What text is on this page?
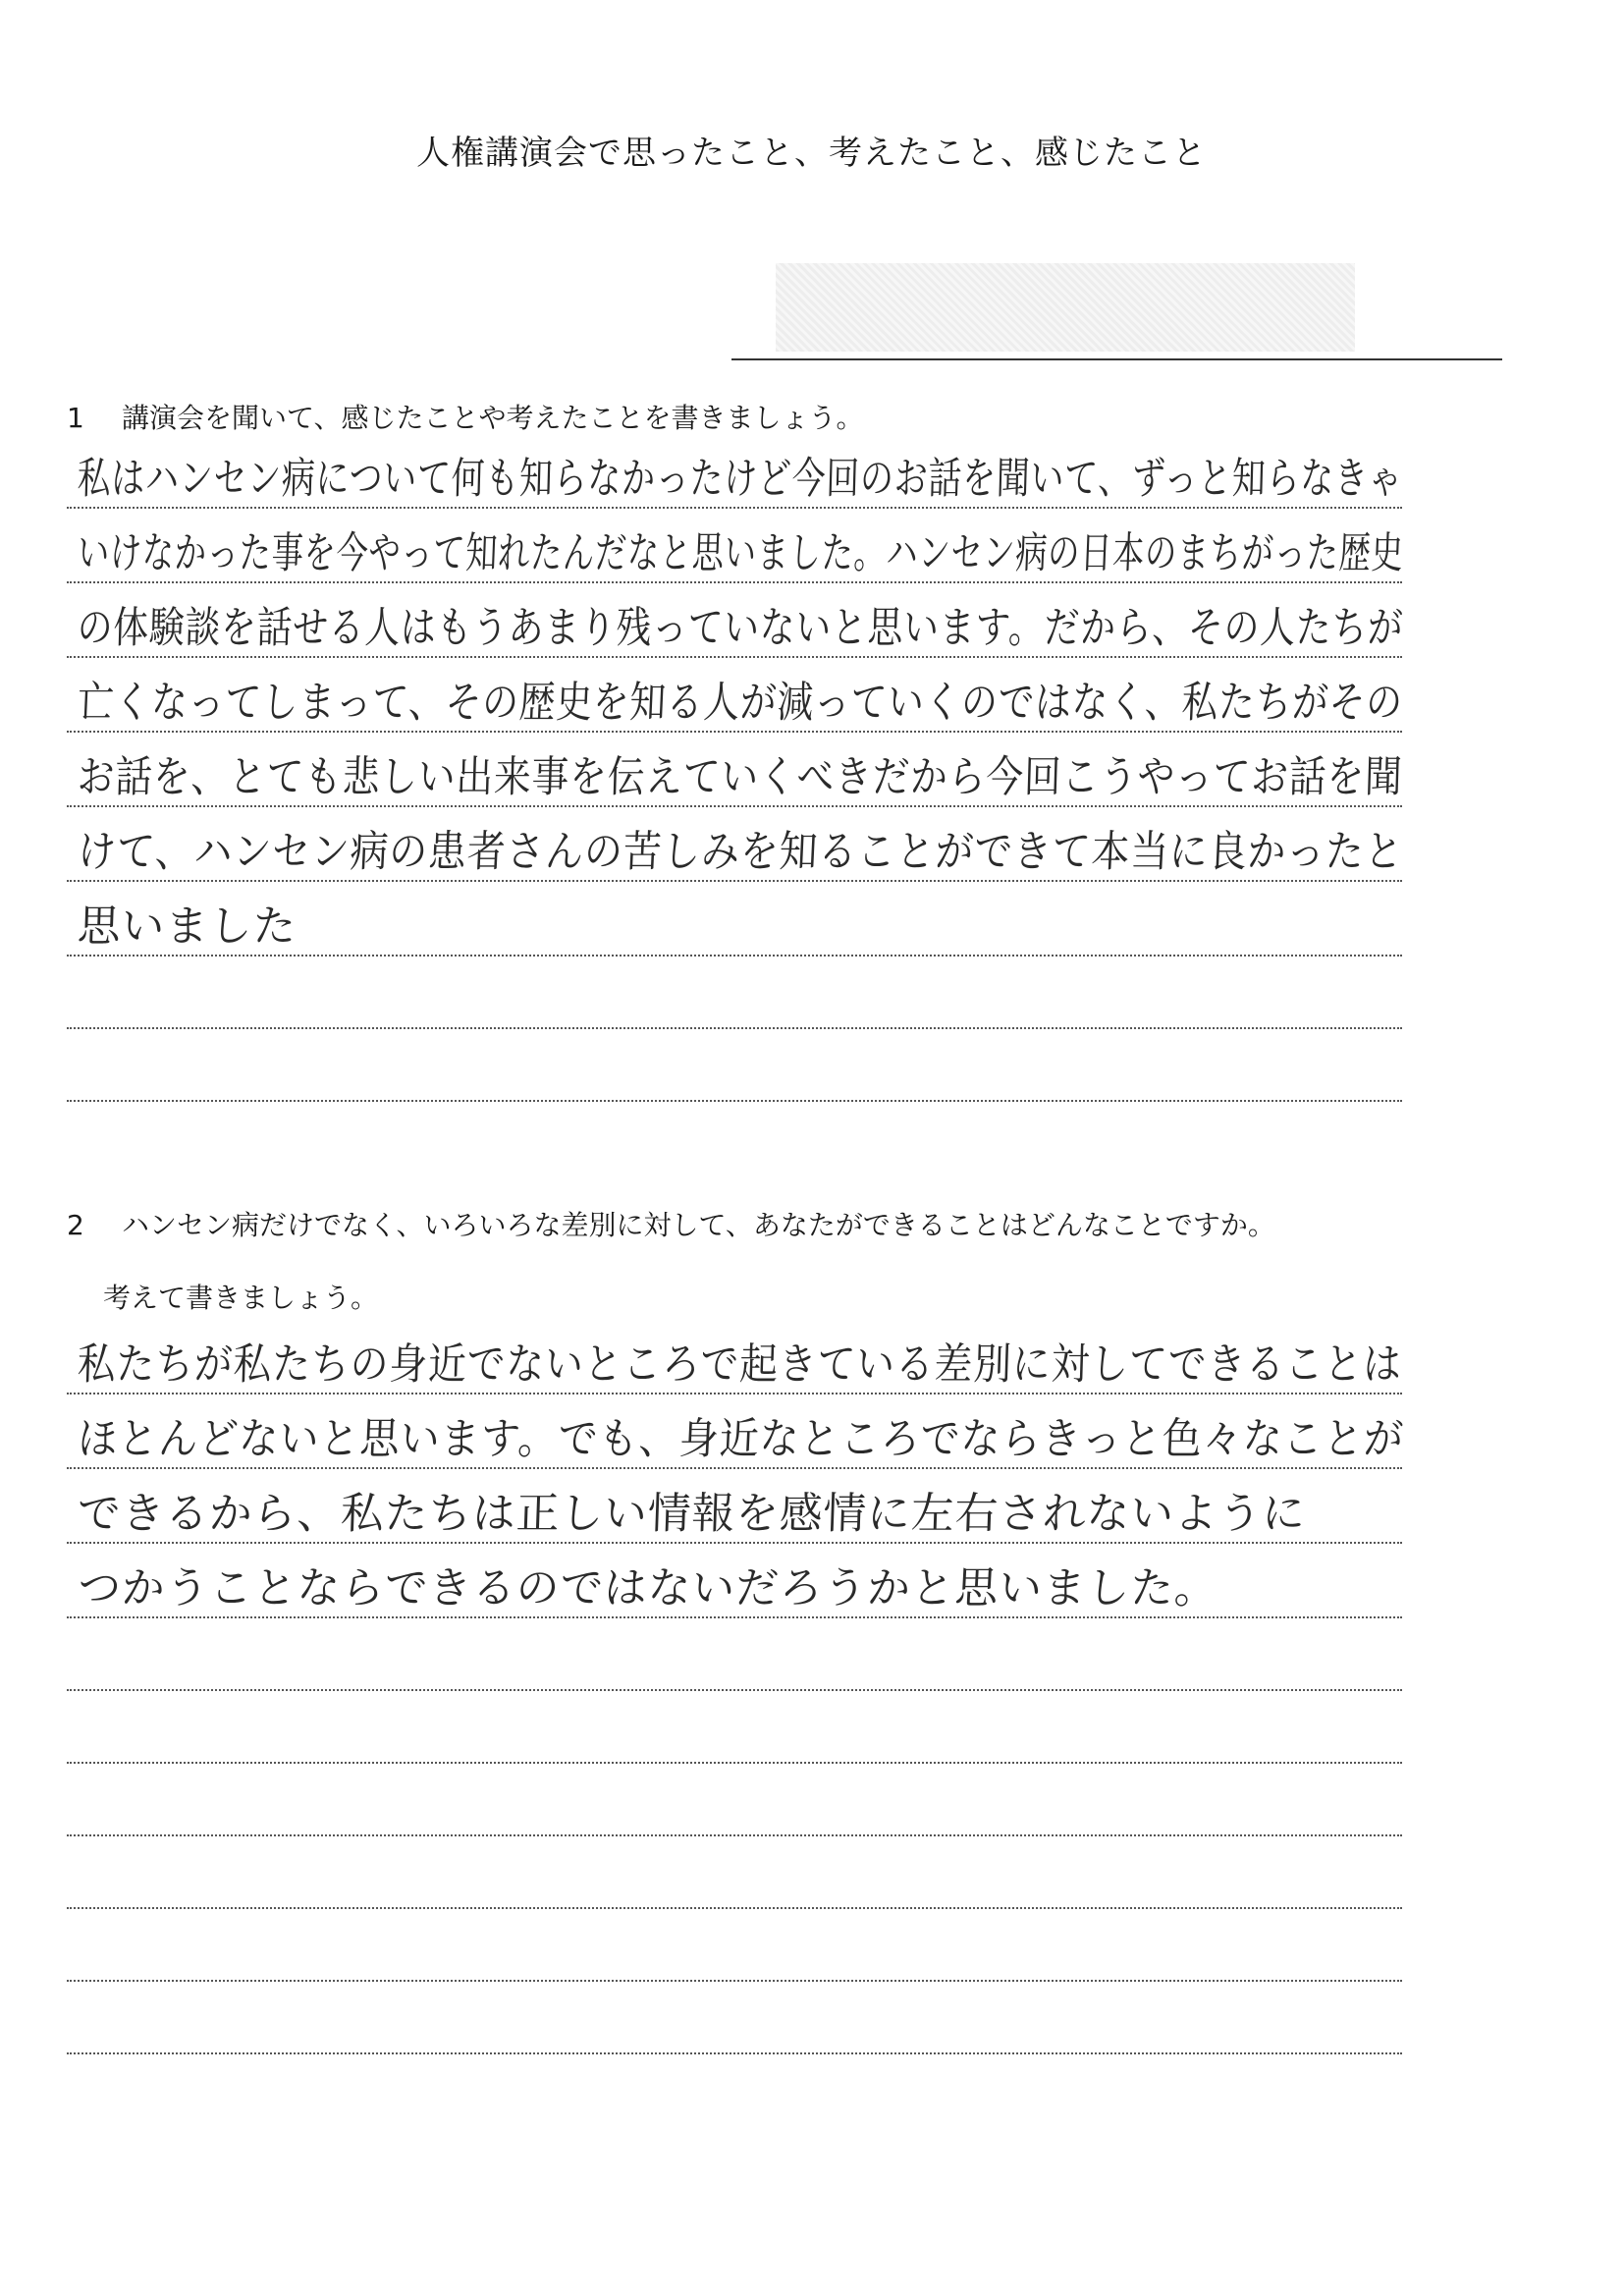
人権講演会で思ったこと、考えたこと、感じたこと
1 講演会を聞いて、感じたことや考えたことを書きましょう。
私はハンセン病について何も知らなかったけど今回のお話を聞いて、ずっと知らなきゃ
いけなかった事を今やって知れたんだなと思いました。ハンセン病の日本のまちがった歴史
の体験談を話せる人はもうあまり残っていないと思います。だから、その人たちが
亡くなってしまって、その歴史を知る人が減っていくのではなく、私たちがその
お話を、とても悲しい出来事を伝えていくべきだから今回こうやってお話を聞
けて、ハンセン病の患者さんの苦しみを知ることができて本当に良かったと
思いました
2 ハンセン病だけでなく、いろいろな差別に対して、あなたができることはどんなことですか。
考えて書きましょう。
私たちが私たちの身近でないところで起きている差別に対してできることは
ほとんどないと思います。でも、身近なところでならきっと色々なことが
できるから、私たちは正しい情報を感情に左右されないように
つかうことならできるのではないだろうかと思いました。
